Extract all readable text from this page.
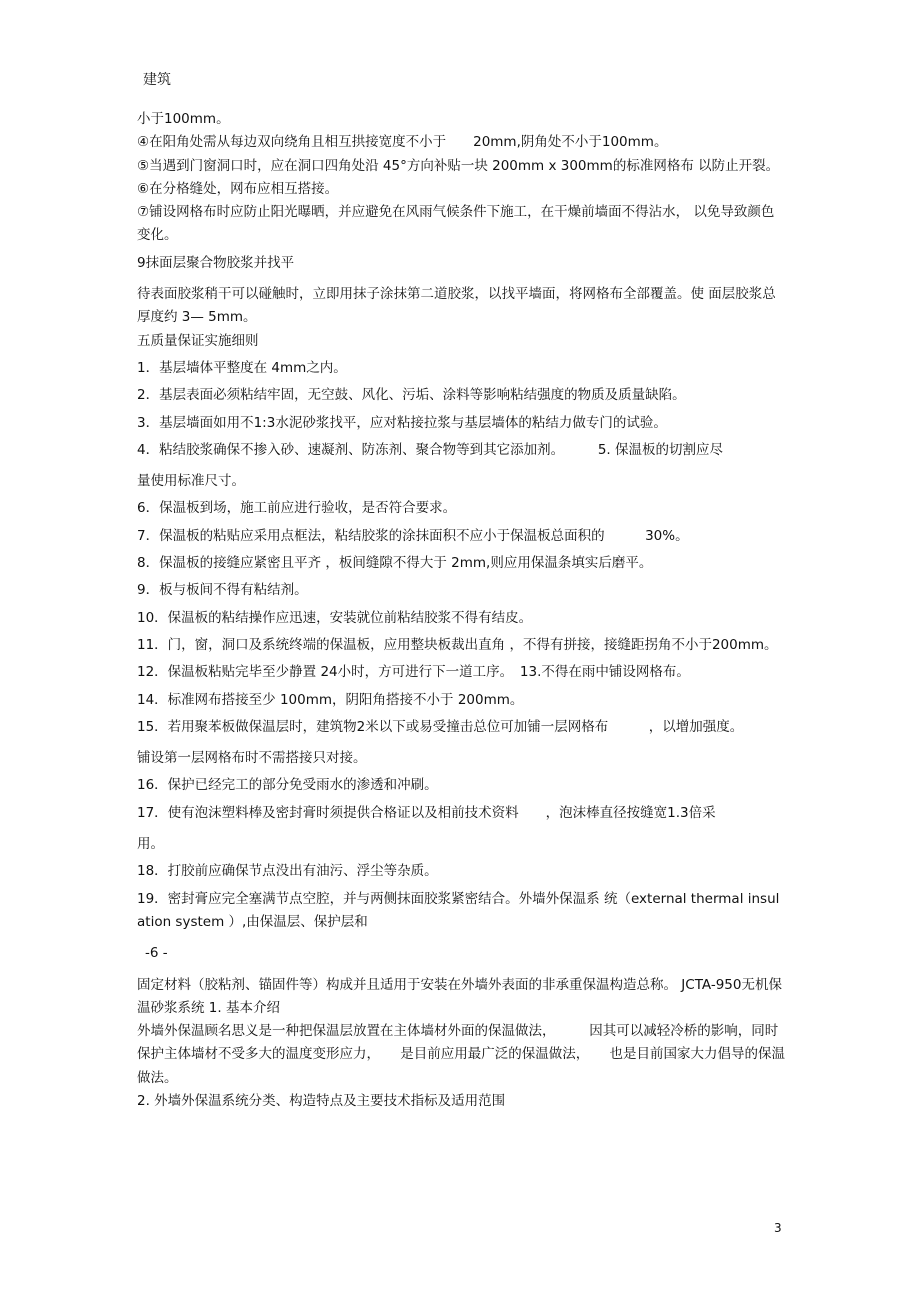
建筑

小于100mm。

④在阳角处需从每边双向绕角且相互拱接宽度不小于　　20mm,阴角处不小于100mm。

⑤当遇到门窗洞口时，应在洞口四角处沿 45°方向补贴一块 200mm x 300mm的标准网格布 以防止开裂。

⑥在分格缝处，网布应相互搭接。

⑦铺设网格布时应防止阳光曝晒，并应避免在风雨气候条件下施工，在干燥前墙面不得沾水， 以免导致颜色变化。

9抹面层聚合物胶浆并找平

待表面胶浆稍干可以碰触时，立即用抹子涂抹第二道胶浆，以找平墙面，将网格布全部覆盖。使 面层胶浆总厚度约 3— 5mm。

五质量保证实施细则

1．基层墙体平整度在 4mm之内。

2．基层表面必须粘结牢固，无空鼓、风化、污垢、涂料等影响粘结强度的物质及质量缺陷。

3．基层墙面如用不1:3水泥砂浆找平，应对粘接拉浆与基层墙体的粘结力做专门的试验。

4．粘结胶浆确保不掺入砂、速凝剂、防冻剂、聚合物等到其它添加剂。　　　5. 保温板的切割应尽

量使用标准尺寸。

6．保温板到场，施工前应进行验收，是否符合要求。

7．保温板的粘贴应采用点框法，粘结胶浆的涂抹面积不应小于保温板总面积的　　　30%。

8．保温板的接缝应紧密且平齐 ，板间缝隙不得大于 2mm,则应用保温条填实后磨平。

9．板与板间不得有粘结剂。

10．保温板的粘结操作应迅速，安装就位前粘结胶浆不得有结皮。

11．门，窗，洞口及系统终端的保温板，应用整块板裁出直角 ，不得有拼接，接缝距拐角不小于200mm。

12．保温板粘贴完毕至少静置 24小时，方可进行下一道工序。　13.不得在雨中铺设网格布。

14．标准网布搭接至少 100mm，阴阳角搭接不小于 200mm。

15．若用聚苯板做保温层时，建筑物2米以下或易受撞击总位可加铺一层网格布　　　，以增加强度。

铺设第一层网格布时不需搭接只对接。

16．保护已经完工的部分免受雨水的渗透和冲刷。

17．使有泡沫塑料棒及密封膏时须提供合格证以及相前技术资料　　，泡沫棒直径按缝宽1.3倍采

用。

18．打胶前应确保节点没出有油污、浮尘等杂质。

19．密封膏应完全塞满节点空腔，并与两侧抹面胶浆紧密结合。外墙外保温系 统（external thermal insulation system ）,由保温层、保护层和

-6 -

固定材料（胶粘剂、锚固件等）构成并且适用于安装在外墙外表面的非承重保温构造总称。 JCTA-950无机保温砂浆系统 1. 基本介绍

外墙外保温顾名思义是一种把保温层放置在主体墙材外面的保温做法，　　　因其可以减轻冷桥的影响，同时保护主体墙材不受多大的温度变形应力，　　是目前应用最广泛的保温做法，　　也是目前国家大力倡导的保温做法。

2. 外墙外保温系统分类、构造特点及主要技术指标及适用范围

3
